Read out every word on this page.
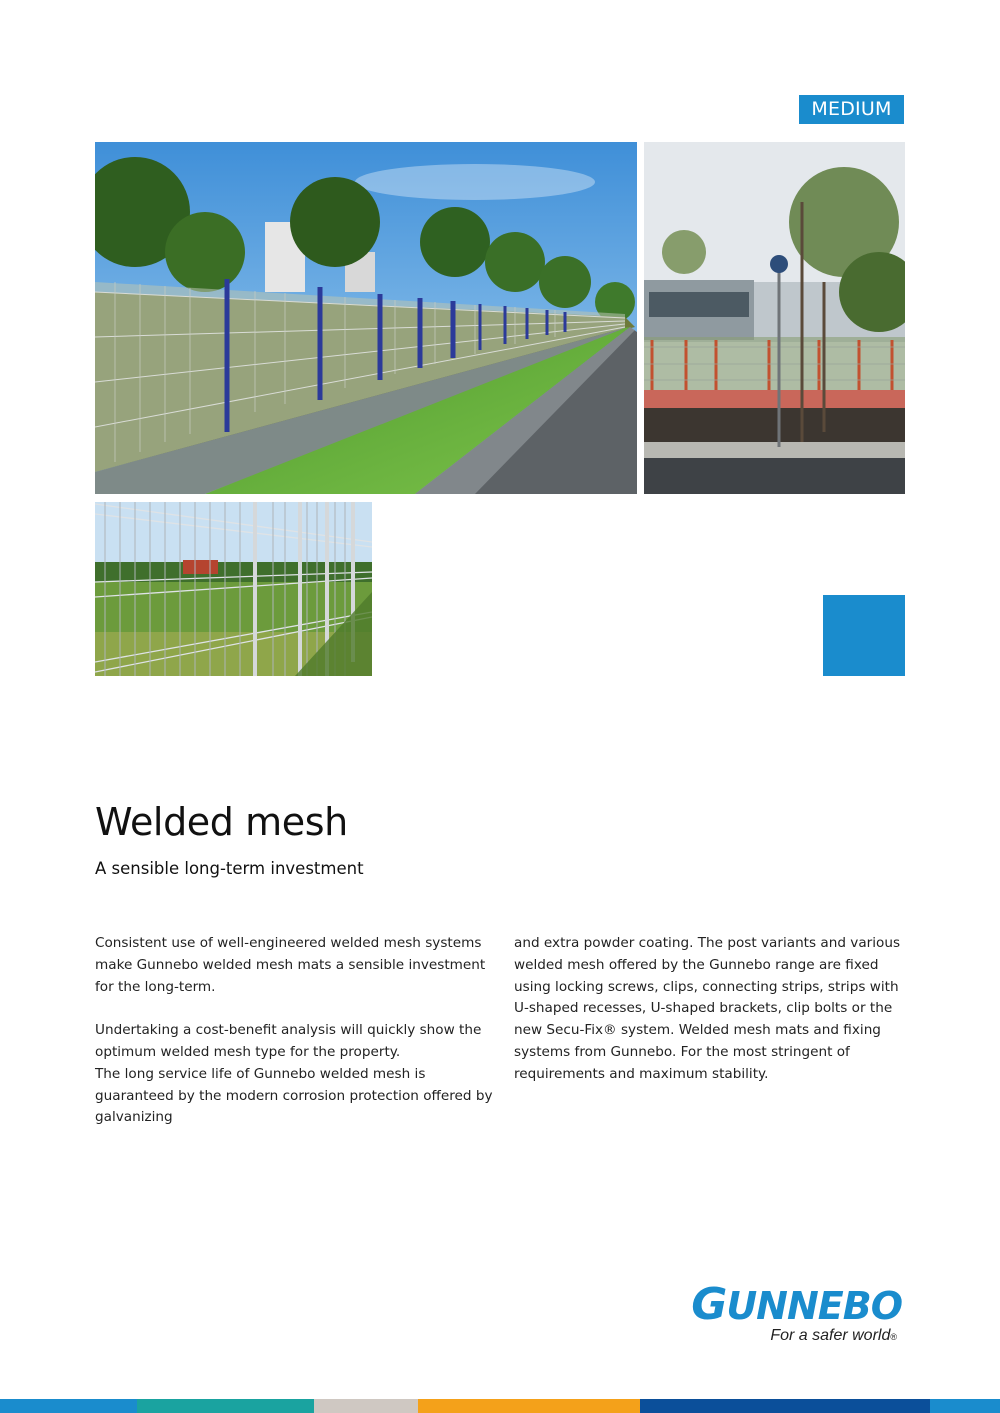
MEDIUM
Welded mesh
A sensible long-term investment

Consistent use of well-engineered welded mesh systems make Gunnebo welded mesh mats a sensible investment for the long-term.

Undertaking a cost-benefit analysis will quickly show the optimum welded mesh type for the property.

The long service life of Gunnebo welded mesh is guaranteed by the modern corrosion protection offered by galvanizing

and extra powder coating. The post variants and various welded mesh offered by the Gunnebo range are fixed using locking screws, clips, connecting strips, strips with U-shaped recesses, U-shaped brackets, clip bolts or the new Secu-Fix® system. Welded mesh mats and fixing systems from Gunnebo. For the most stringent of requirements and maximum stability.

GUNNEBO
For a safer world®
